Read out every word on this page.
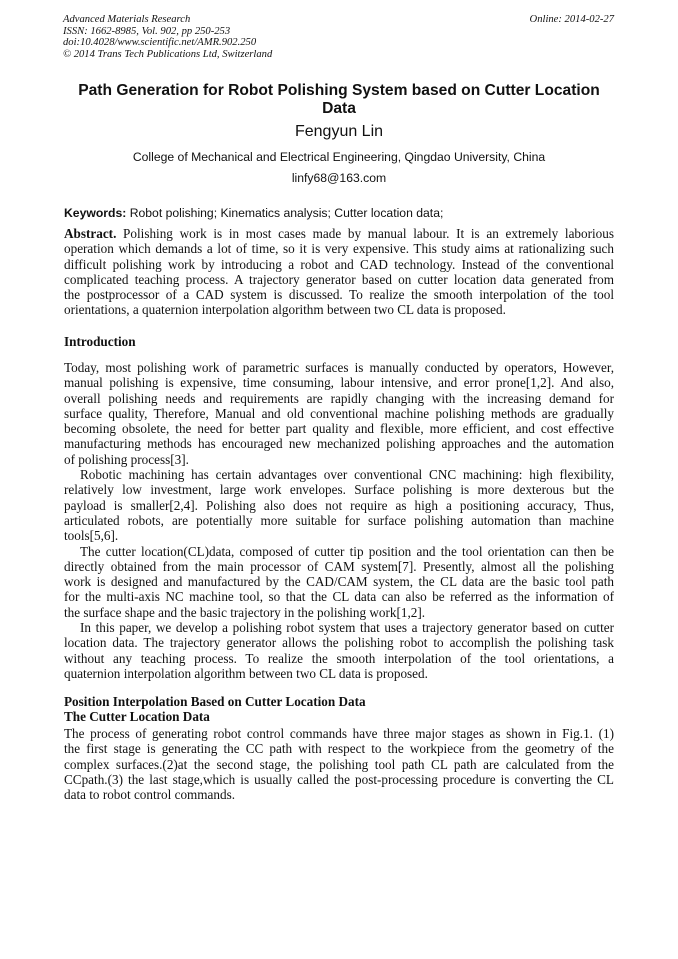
Advanced Materials Research
ISSN: 1662-8985, Vol. 902, pp 250-253
doi:10.4028/www.scientific.net/AMR.902.250
© 2014 Trans Tech Publications Ltd, Switzerland
Online: 2014-02-27
Path Generation for Robot Polishing System based on Cutter Location
Data
Fengyun Lin
College of Mechanical and Electrical Engineering, Qingdao University, China
linfy68@163.com
Keywords: Robot polishing; Kinematics analysis; Cutter location data;
Abstract. Polishing work is in most cases made by manual labour. It is an extremely laborious
operation which demands a lot of time, so it is very expensive. This study aims at rationalizing such
difficult polishing work by introducing a robot and CAD technology. Instead of the conventional
complicated teaching process. A trajectory generator based on cutter location data generated from
the postprocessor of a CAD system is discussed. To realize the smooth interpolation of the tool
orientations, a quaternion interpolation algorithm between two CL data is proposed.
Introduction
Today, most polishing work of parametric surfaces is manually conducted by operators, However,
manual polishing is expensive, time consuming, labour intensive, and error prone[1,2]. And also,
overall polishing needs and requirements are rapidly changing with the increasing demand for
surface quality, Therefore, Manual and old conventional machine polishing methods are gradually
becoming obsolete, the need for better part quality and flexible, more efficient, and cost effective
manufacturing methods has encouraged new mechanized polishing approaches and the automation
of polishing process[3].
Robotic machining has certain advantages over conventional CNC machining: high flexibility,
relatively low investment, large work envelopes. Surface polishing is more dexterous but the
payload is smaller[2,4]. Polishing also does not require as high a positioning accuracy, Thus,
articulated robots, are potentially more suitable for surface polishing automation than machine
tools[5,6].
The cutter location(CL)data, composed of cutter tip position and the tool orientation can then be
directly obtained from the main processor of CAM system[7]. Presently, almost all the polishing
work is designed and manufactured by the CAD/CAM system, the CL data are the basic tool path
for the multi-axis NC machine tool, so that the CL data can also be referred as the information of
the surface shape and the basic trajectory in the polishing work[1,2].
In this paper, we develop a polishing robot system that uses a trajectory generator based on cutter
location data. The trajectory generator allows the polishing robot to accomplish the polishing task
without any teaching process. To realize the smooth interpolation of the tool orientations, a
quaternion interpolation algorithm between two CL data is proposed.
Position Interpolation Based on Cutter Location Data
The Cutter Location Data
The process of generating robot control commands have three major stages as shown in Fig.1. (1)
the first stage is generating the CC path with respect to the workpiece from the geometry of the
complex surfaces.(2)at the second stage, the polishing tool path CL path are calculated from the
CCpath.(3) the last stage,which is usually called the post-processing procedure is converting the CL
data to robot control commands.
